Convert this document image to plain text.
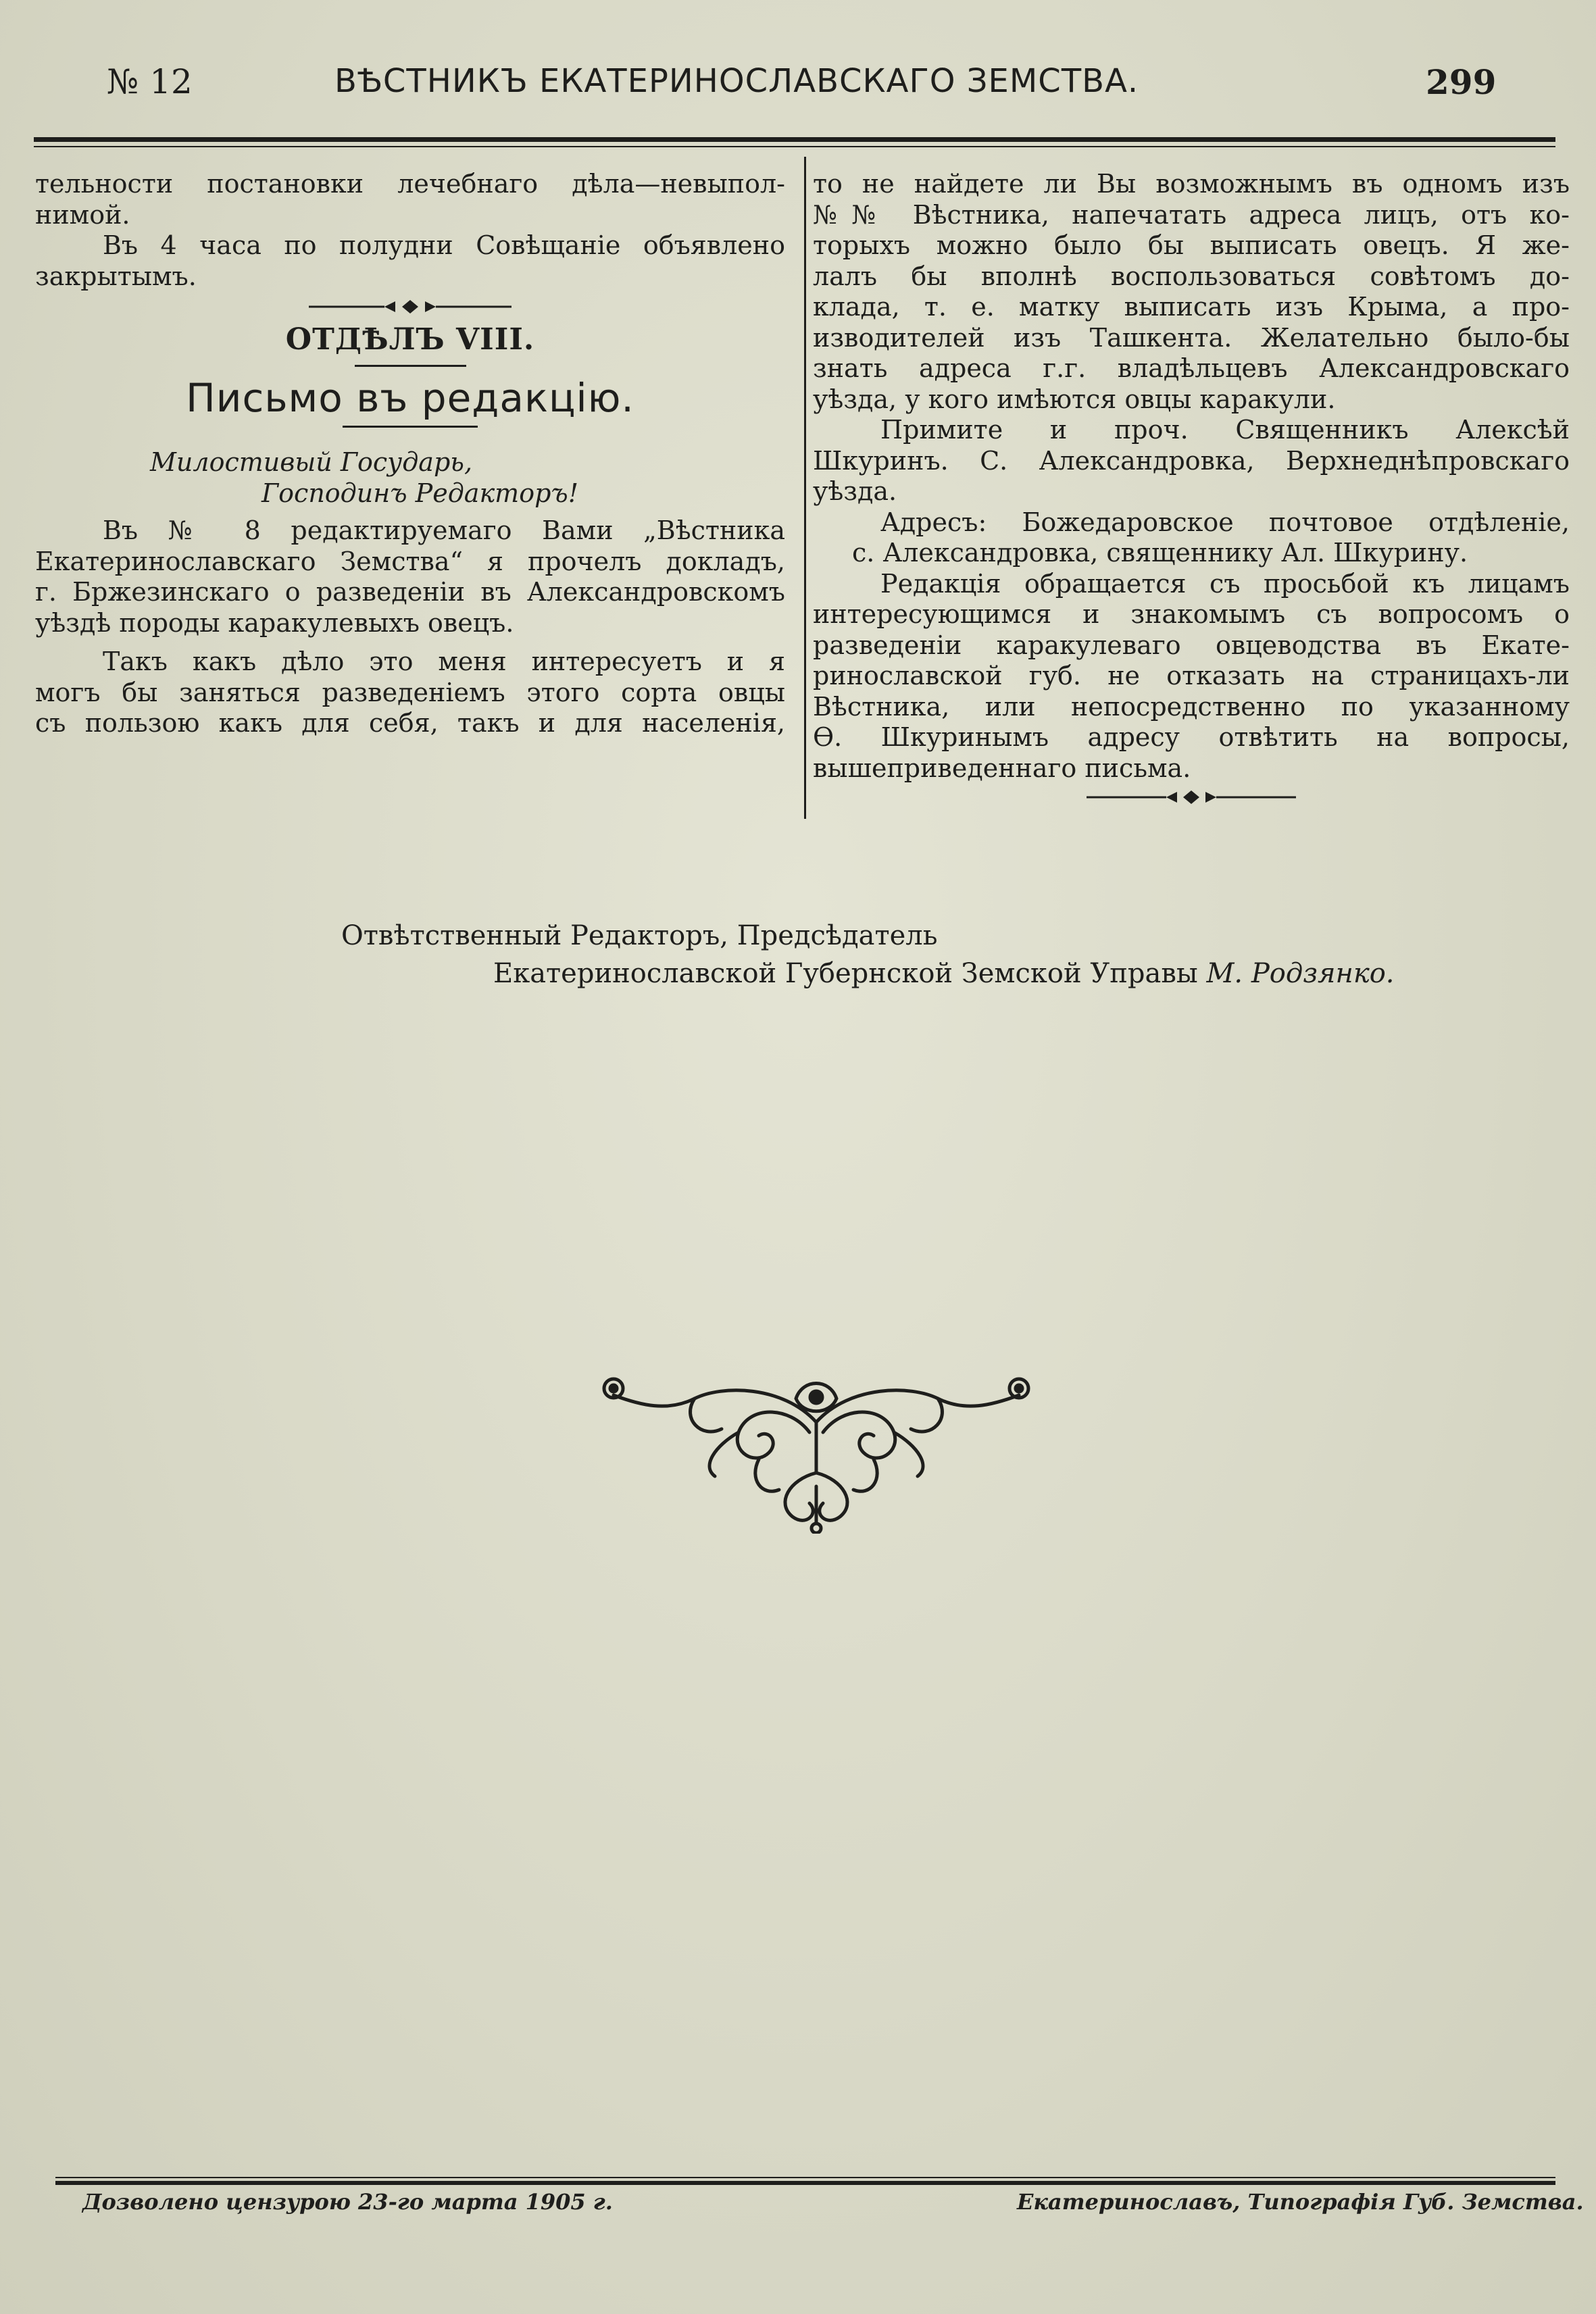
№ 12	ВѢСТНИКЪ ЕКАТЕРИНОСЛАВСКАГО ЗЕМСТВА.	299

тельности постановки лечебнаго дѣла—невыпол-

нимой.

Въ 4 часа по полудни Совѣщаніе объявлено

закрытымъ.

ОТДѢЛЪ VIII.
Письмо въ редакцію.

Милостивый Государь,

Господинъ Редакторъ!

Въ № 8 редактируемаго Вами „Вѣстника

Екатеринославскаго Земства“ я прочелъ докладъ,

г. Бржезинскаго о разведеніи въ Александровскомъ

уѣздѣ породы каракулевыхъ овецъ.

Такъ какъ дѣло это меня интересуетъ и я

могъ бы заняться разведеніемъ этого сорта овцы

съ пользою какъ для себя, такъ и для населенія,

то не найдете ли Вы возможнымъ въ одномъ изъ

№№ Вѣстника, напечатать адреса лицъ, отъ ко-

торыхъ можно было бы выписать овецъ. Я же-

лалъ бы вполнѣ воспользоваться совѣтомъ до-

клада, т. е. матку выписать изъ Крыма, а про-

изводителей изъ Ташкента. Желательно было-бы

знать адреса г.г. владѣльцевъ Александровскаго

уѣзда, у кого имѣются овцы каракули.

Примите и проч. Священникъ Алексѣй

Шкуринъ. С. Александровка, Верхнеднѣпровскаго

уѣзда.

Адресъ: Божедаровское почтовое отдѣленіе,

с. Александровка, священнику Ал. Шкурину.

Редакція обращается съ просьбой къ лицамъ

интересующимся и знакомымъ съ вопросомъ о

разведеніи каракулеваго овцеводства въ Екате-

ринославской губ. не отказать на страницахъ-ли

Вѣстника, или непосредственно по указанному

Ѳ. Шкуринымъ адресу отвѣтить на вопросы,

вышеприведеннаго письма.

Отвѣтственный Редакторъ, Предсѣдатель
Екатеринославской Губернской Земской Управы М. Родзянко.
Дозволено цензурою 23-го марта 1905 г.	Екатеринославъ, Типографія Губ. Земства.
